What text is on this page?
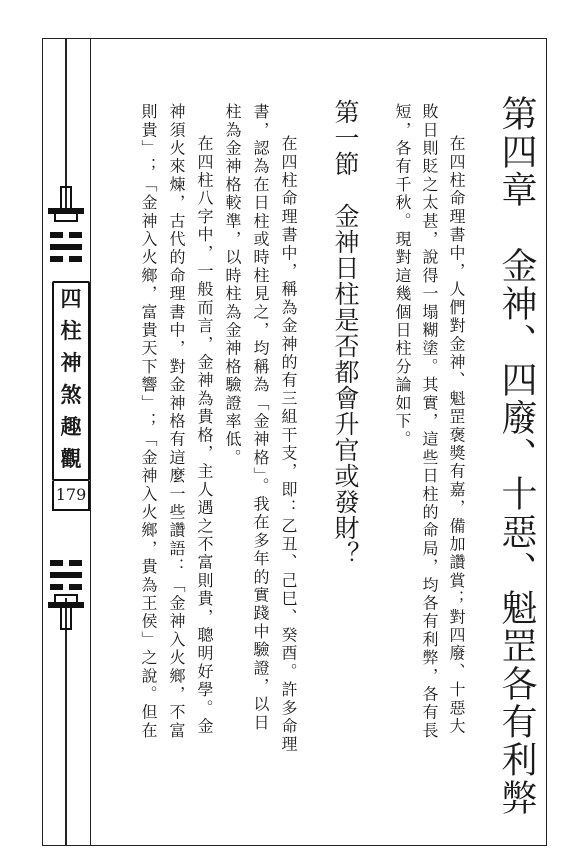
四
柱
神
煞
趣
觀
179	第四章　金神、四廢、十惡、魁罡各有利弊
在四柱命理書中，人們對金神、魁罡褒獎有嘉，備加讚賞；對四廢、十惡大
敗日則貶之太甚，說得一塌糊塗。其實，這些日柱的命局，均各有利弊，各有長
短，各有千秋。現對這幾個日柱分論如下。
第一節　金神日柱是否都會升官或發財？
在四柱命理書中，稱為金神的有三組干支，即：乙丑、己巳、癸酉。許多命理
書，認為在日柱或時柱見之，均稱為「金神格」。我在多年的實踐中驗證，以日
柱為金神格較準，以時柱為金神格驗證率低。
在四柱八字中，一般而言，金神為貴格，主人遇之不富則貴，聰明好學。金
神須火來煉，古代的命理書中，對金神格有這麼一些讚語：「金神入火鄉，不富
則貴」；「金神入火鄉，富貴天下響」；「金神入火鄉，貴為王侯」之說。但在
